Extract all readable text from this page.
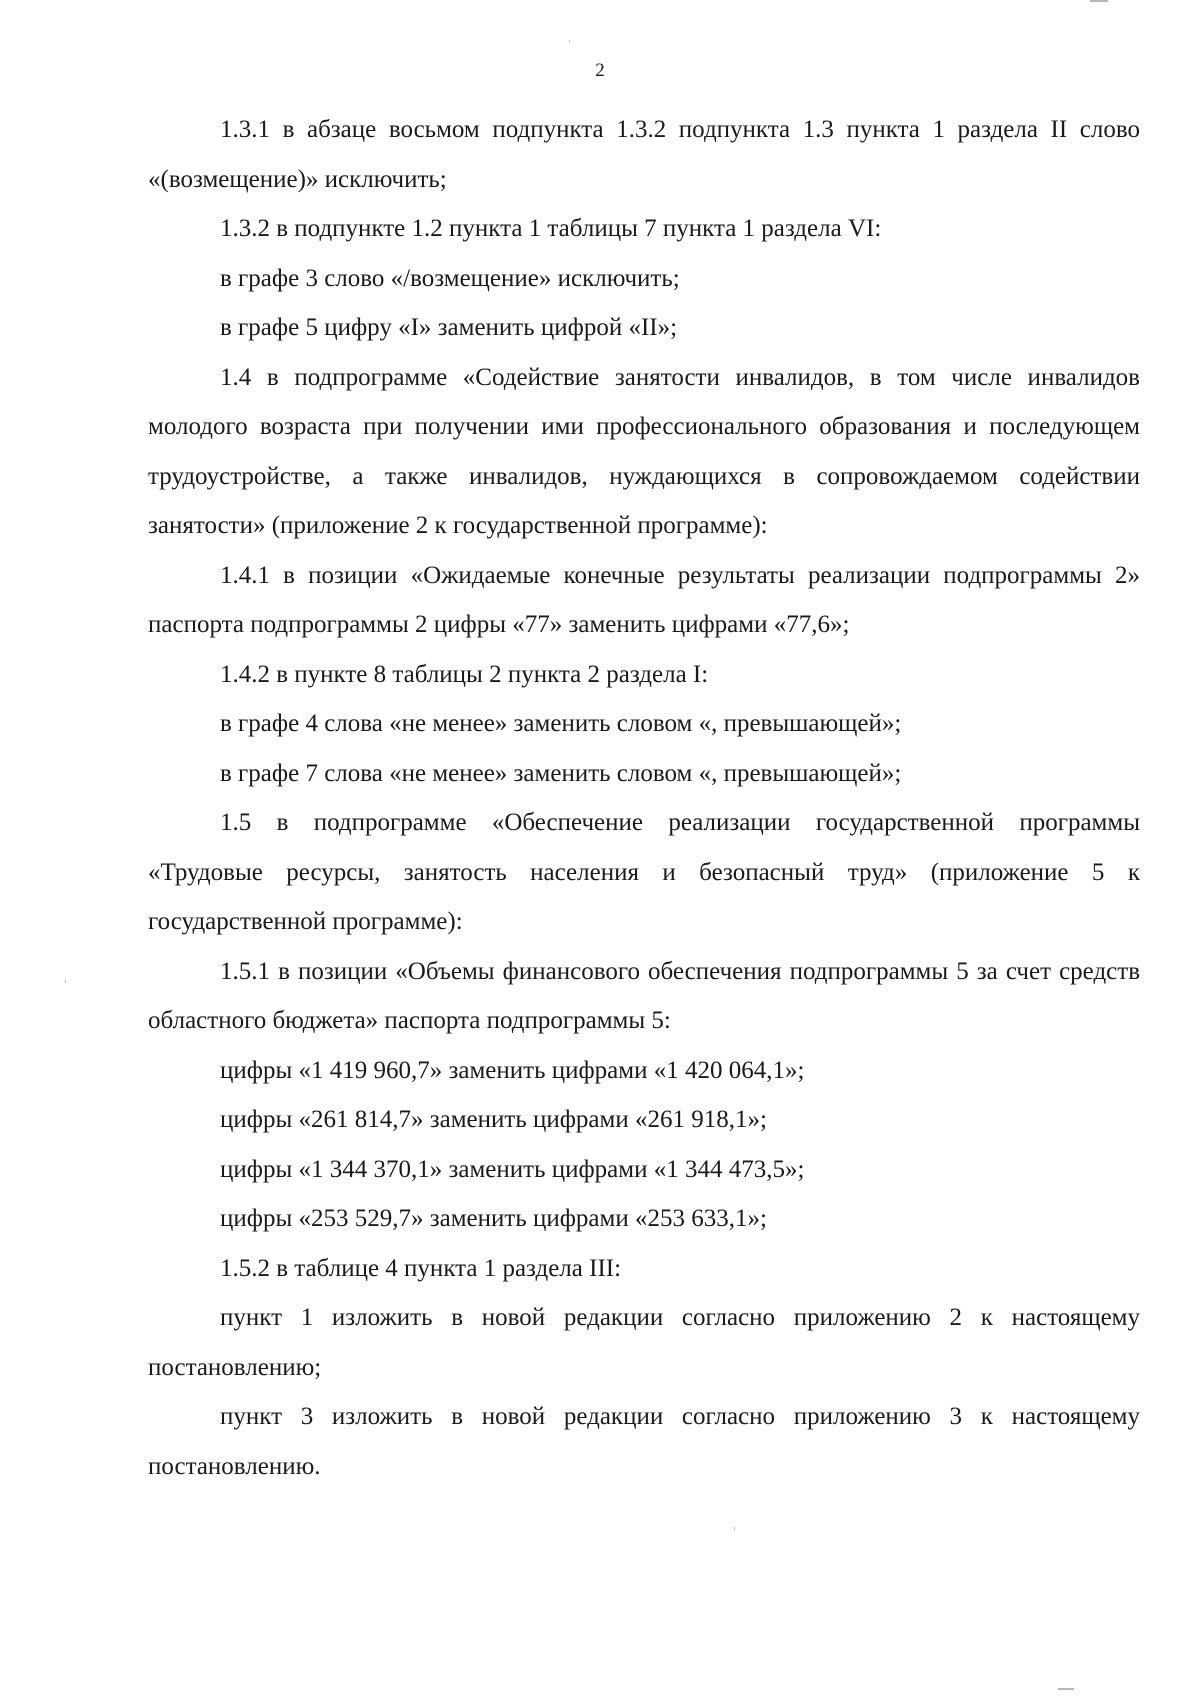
2

1.3.1 в абзаце восьмом подпункта 1.3.2 подпункта 1.3 пункта 1 раздела II слово «(возмещение)» исключить;

1.3.2 в подпункте 1.2 пункта 1 таблицы 7 пункта 1 раздела VI:

в графе 3 слово «/возмещение» исключить;

в графе 5 цифру «I» заменить цифрой «II»;

1.4 в подпрограмме «Содействие занятости инвалидов, в том числе инвалидов молодого возраста при получении ими профессионального образования и последующем трудоустройстве, а также инвалидов, нуждающихся в сопровождаемом содействии занятости» (приложение 2 к государственной программе):

1.4.1 в позиции «Ожидаемые конечные результаты реализации подпрограммы 2» паспорта подпрограммы 2 цифры «77» заменить цифрами «77,6»;

1.4.2 в пункте 8 таблицы 2 пункта 2 раздела I:

в графе 4 слова «не менее» заменить словом «, превышающей»;

в графе 7 слова «не менее» заменить словом «, превышающей»;

1.5 в подпрограмме «Обеспечение реализации государственной программы «Трудовые ресурсы, занятость населения и безопасный труд» (приложение 5 к государственной программе):

1.5.1 в позиции «Объемы финансового обеспечения подпрограммы 5 за счет средств областного бюджета» паспорта подпрограммы 5:

цифры «1 419 960,7» заменить цифрами «1 420 064,1»;

цифры «261 814,7» заменить цифрами «261 918,1»;

цифры «1 344 370,1» заменить цифрами «1 344 473,5»;

цифры «253 529,7» заменить цифрами «253 633,1»;

1.5.2 в таблице 4 пункта 1 раздела III:

пункт 1 изложить в новой редакции согласно приложению 2 к настоящему постановлению;

пункт 3 изложить в новой редакции согласно приложению 3 к настоящему постановлению.
